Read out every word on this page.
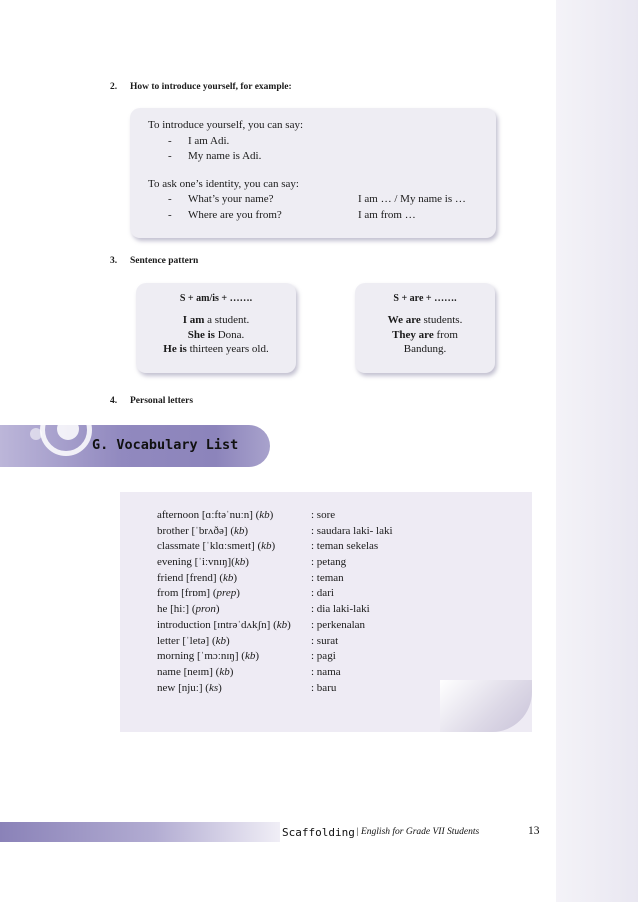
2. How to introduce yourself, for example:
To introduce yourself, you can say:
- I am Adi.
- My name is Adi.
To ask one’s identity, you can say:
- What’s your name?	I am … / My name is …
- Where are you from?	I am from …
3. Sentence pattern
S + am/is + …….
I am a student.
She is Dona.
He is thirteen years old.
S + are + …….
We are students.
They are from
Bandung.
4. Personal letters
G. Vocabulary List
afternoon [ɑːftəˈnuːn] (kb)	: sore
brother [ˈbrʌðə] (kb)	: saudara laki- laki
classmate [ˈklɑːsmeɪt] (kb)	: teman sekelas
evening [ˈiːvnɪŋ](kb)	: petang
friend [frend] (kb)	: teman
from [frɒm] (prep)	: dari
he [hiː] (pron)	: dia laki-laki
introduction [ɪntrəˈdʌkʃn] (kb) : perkenalan
letter [ˈletə] (kb)	: surat
morning [ˈmɔːnɪŋ] (kb)	: pagi
name [neɪm] (kb)	: nama
new [njuː] (ks)	: baru
Scaffolding | English for Grade VII Students	13
